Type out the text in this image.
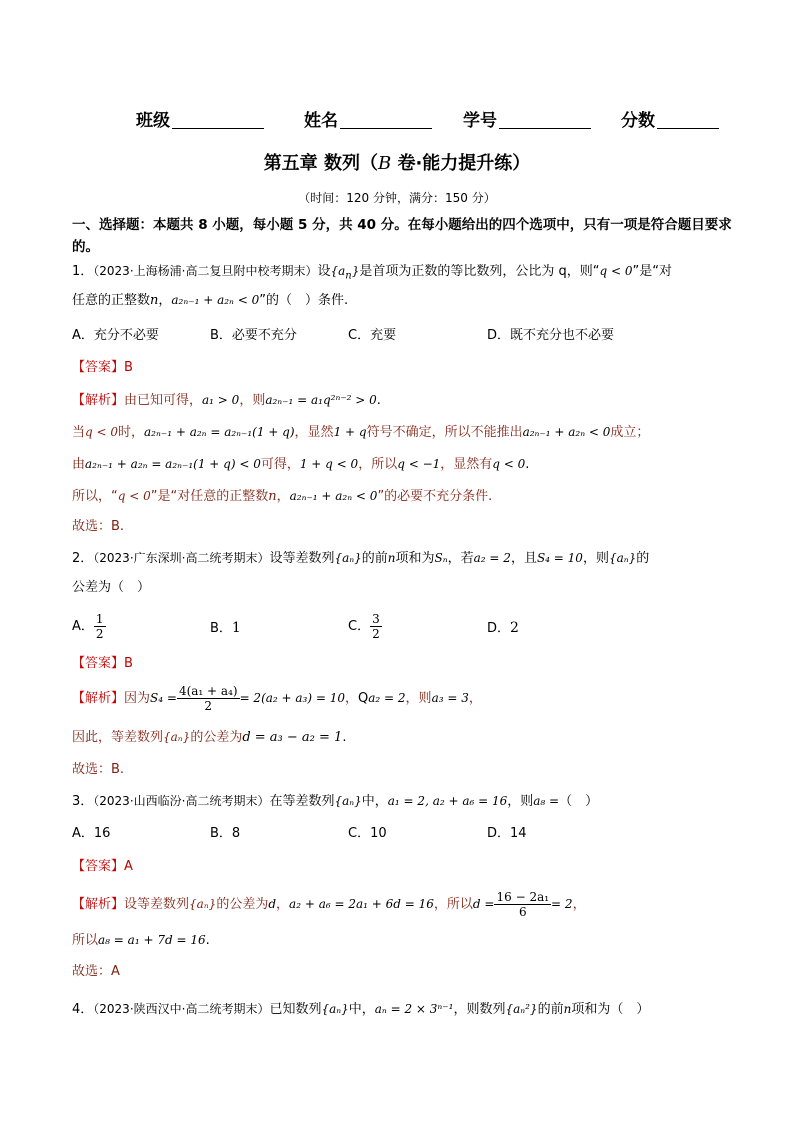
班级	姓名	学号	分数
第五章 数列（B 卷·能力提升练）
（时间：120 分钟，满分：150 分）
一、选择题：本题共 8 小题，每小题 5 分，共 40 分。在每小题给出的四个选项中，只有一项是符合题目要求的。
1．（2023·上海杨浦·高二复旦附中校考期末）设$\{a_n\}$是首项为正数的等比数列，公比为 q，则“q < 0”是“对
任意的正整数n，a₂ₙ₋₁ + a₂ₙ < 0”的（　）条件.
A．充分不必要	B．必要不充分	C．充要	D．既不充分也不必要
【答案】B
【解析】由已知可得，a₁ > 0，则a₂ₙ₋₁ = a₁q²ⁿ⁻² > 0.
当q < 0时，a₂ₙ₋₁ + a₂ₙ = a₂ₙ₋₁(1 + q)，显然1 + q符号不确定，所以不能推出a₂ₙ₋₁ + a₂ₙ < 0成立；
由a₂ₙ₋₁ + a₂ₙ = a₂ₙ₋₁(1 + q) < 0可得，1 + q < 0，所以q < −1，显然有q < 0.
所以，“q < 0”是“对任意的正整数n，a₂ₙ₋₁ + a₂ₙ < 0”的必要不充分条件.
故选：B.
2．（2023·广东深圳·高二统考期末）设等差数列{aₙ}的前n项和为Sₙ，若a₂ = 2，且S₄ = 10，则{aₙ}的
公差为（　）
A． $\frac{1}{2}$	B．1	C． $\frac{3}{2}$	D．2
【答案】B
【解析】因为$S_4 = \frac{\text{4(a₁ + a₄)}}{2} = 2(a_2 + a_3) = 10$，Qa₂ = 2，则a₃ = 3，
因此，等差数列{aₙ}的公差为d = a₃ − a₂ = 1.
故选：B.
3．（2023·山西临汾·高二统考期末）在等差数列{aₙ}中，a₁ = 2, a₂ + a₆ = 16，则a₈ =（　）
A．16	B．8	C．10	D．14
【答案】A
【解析】设等差数列{aₙ}的公差为d，a₂ + a₆ = 2a₁ + 6d = 16，所以$d = \frac{\text{16 − 2a₁}}{6} = 2$，
所以a₈ = a₁ + 7d = 16.
故选：A
4．（2023·陕西汉中·高二统考期末）已知数列{aₙ}中，aₙ = 2 × 3ⁿ⁻¹，则数列{aₙ²}的前n项和为（　）
